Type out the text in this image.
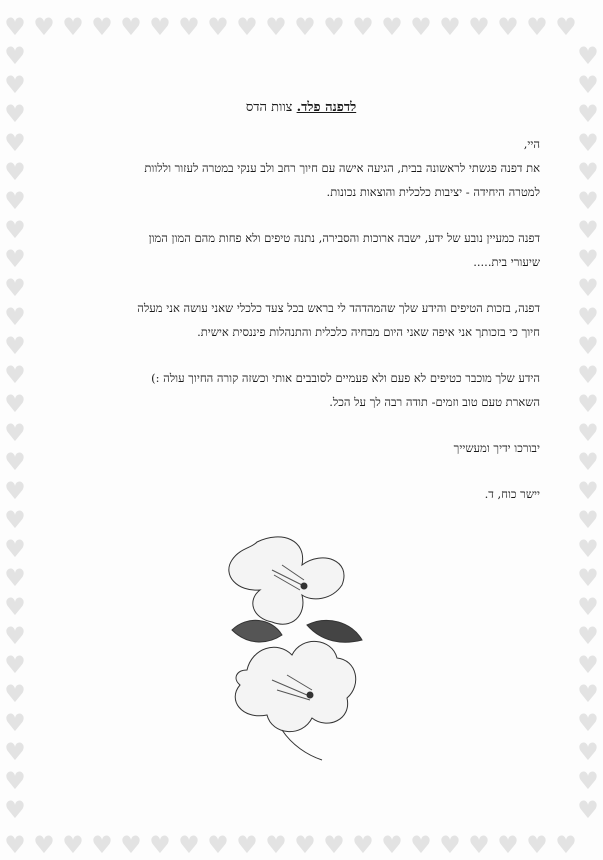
♥
♥
♥
♥
♥
♥
♥
♥
♥
♥
♥
♥
♥
♥
♥
♥
♥
♥
♥
♥
♥
♥
♥
♥
♥
♥
♥
♥
♥
♥
♥
♥
♥
♥
♥
♥
♥
♥
♥
♥
♥	♥
♥	♥
♥	♥
♥	♥
♥	♥
♥	♥
♥	♥
♥	♥
♥	♥
♥	♥
♥	♥
♥	♥
♥	♥
♥	♥
♥	♥
♥	♥
♥	♥
♥	♥
♥	♥
♥	♥
♥	♥
♥	♥
♥	♥
♥	♥
♥	♥
♥	♥
♥	♥
לדפנה פלד. צוות הדס
היי,
את דפנה פגשתי לראשונה בבית, הגיעה אישה עם חיוך רחב ולב ענקי במטרה לעזור וללוות
למטרה היחידה - יציבות כלכלית והוצאות נכונות.
דפנה כמעיין נובע של ידע, ישבה ארוכות והסבירה, נתנה טיפים ולא פחות מהם המון המון
שיעורי בית.....
דפנה, בזכות הטיפים והידע שלך שהמהדהד לי בראש בכל צעד כלכלי שאני עושה אני מעלה
חיוך כי בזכותך אני איפה שאני היום מבחיה כלכלית והתנהלות פיננסית אישית.
הידע שלך מוכבר כטיפים לא פעם ולא פעמיים לסובבים אותי וכשזה קורה החיוך עולה :)
השארת טעם טוב וזמים- תודה רבה לך על הכל.
יבורכו ידיך ומעשייך
יישר כוח, ד.
